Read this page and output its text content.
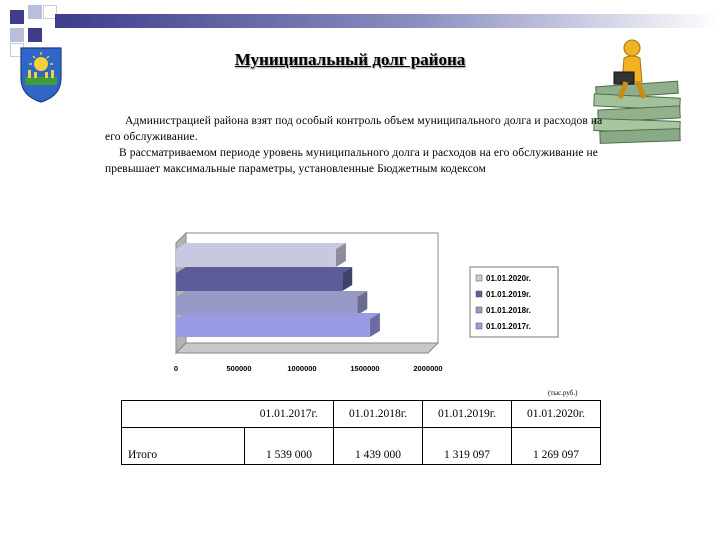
Муниципальный долг района

Администрацией района взят под особый контроль объем муниципального долга и расходов на его обслуживание.

В рассматриваемом периоде уровень муниципального долга и расходов на его обслуживание не превышает максимальные параметры, установленные Бюджетным кодексом

0	500000	1000000	1500000	2000000
01.01.2020г.
01.01.2019г.
01.01.2018г.
01.01.2017г.
(тыс.руб.)
	01.01.2017г.	01.01.2018г.	01.01.2019г.	01.01.2020г.
Итого	1 539 000	1 439 000	1 319 097	1 269 097
